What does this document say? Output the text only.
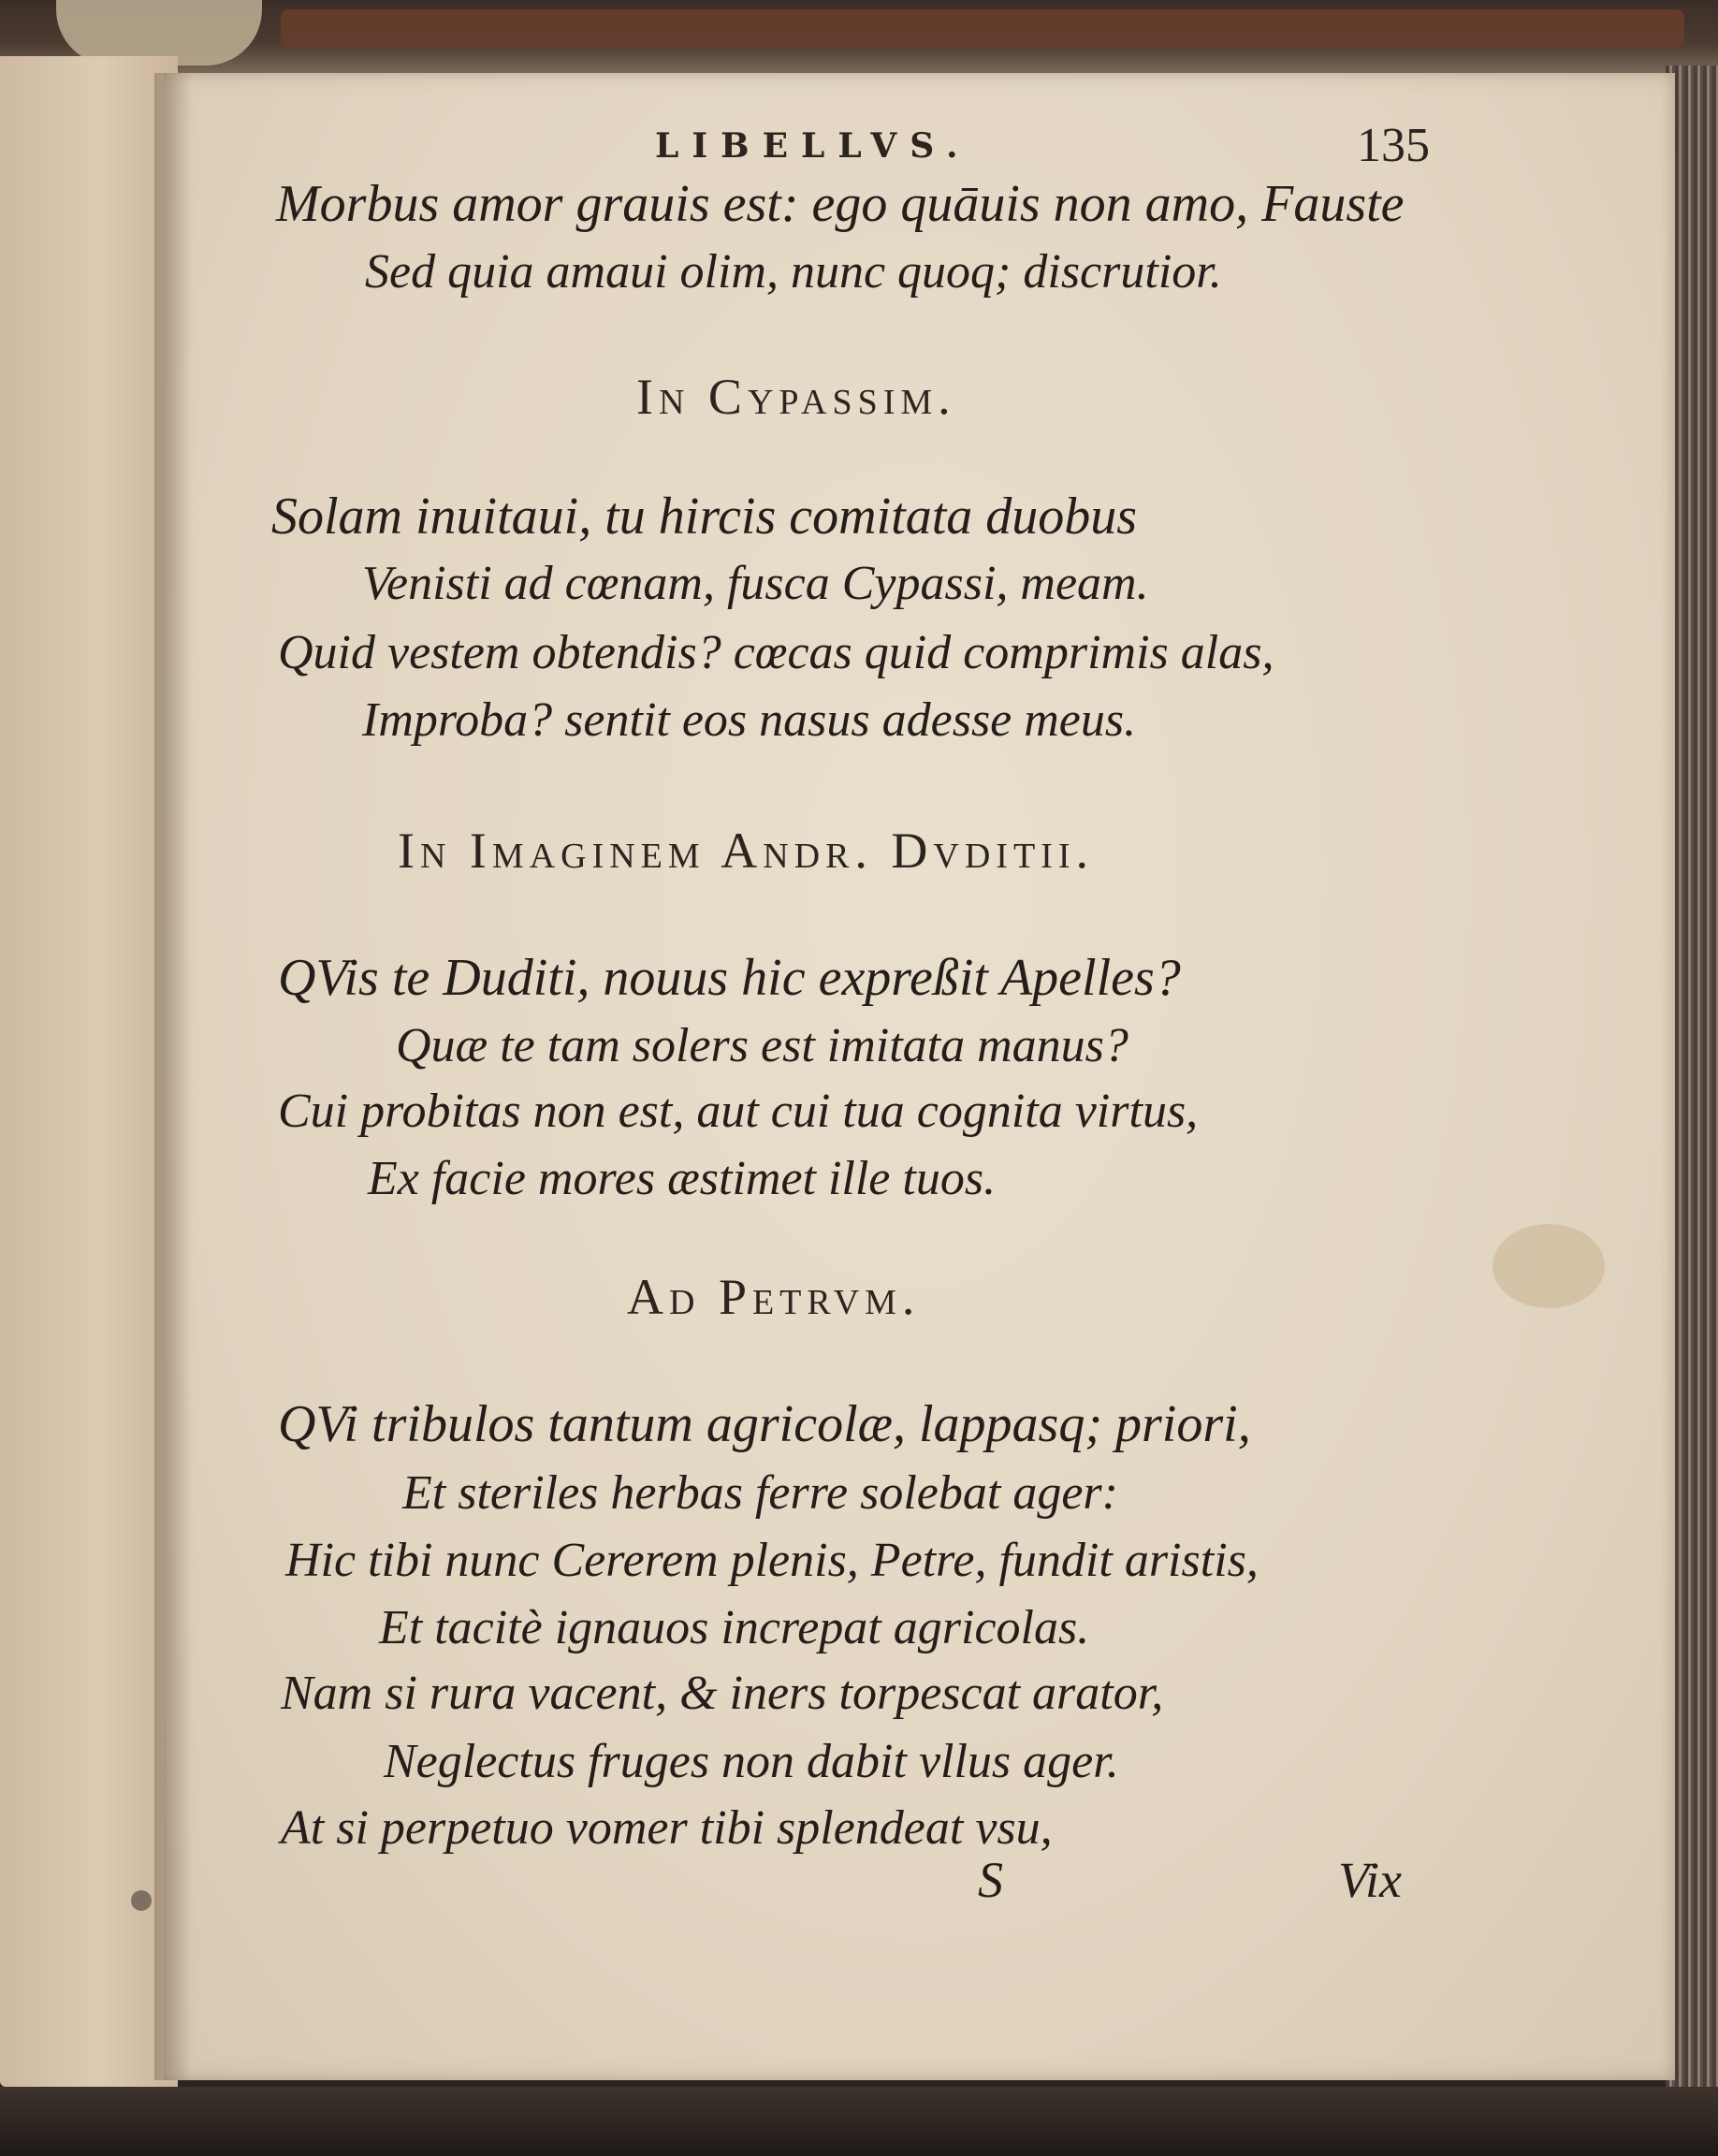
LIBELLVS.	135

Morbus amor grauis est: ego quāuis non amo, Fauste

Sed quia amaui olim, nunc quoq; discrutior.

In Cypassim.

Solam inuitaui, tu hircis comitata duobus

Venisti ad cœnam, fusca Cypassi, meam.

Quid vestem obtendis? cœcas quid comprimis alas,

Improba? sentit eos nasus adesse meus.

In Imaginem Andr. Dvditii.

QVis te Duditi, nouus hic expreßit Apelles?

Quæ te tam solers est imitata manus?

Cui probitas non est, aut cui tua cognita virtus,

Ex facie mores æstimet ille tuos.

Ad Petrvm.

QVi tribulos tantum agricolæ, lappasq; priori,

Et steriles herbas ferre solebat ager:

Hic tibi nunc Cererem plenis, Petre, fundit aristis,

Et tacitè ignauos increpat agricolas.

Nam si rura vacent, & iners torpescat arator,

Neglectus fruges non dabit vllus ager.

At si perpetuo vomer tibi splendeat vsu,

S	Vix
